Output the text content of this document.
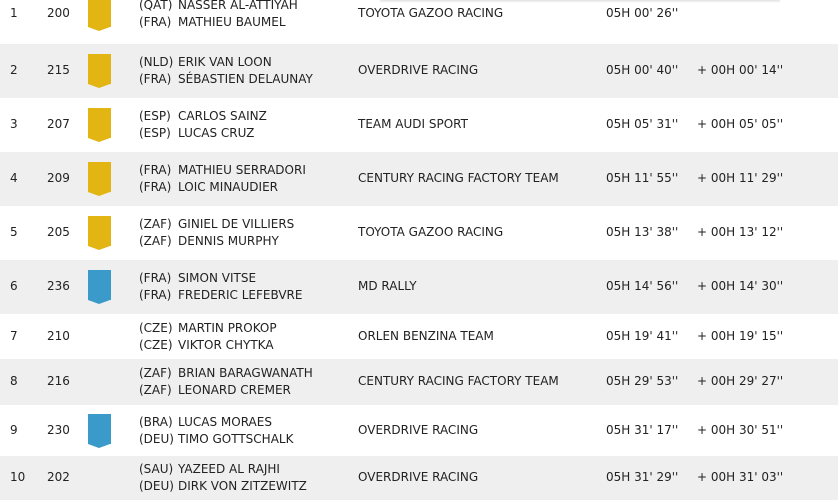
1 200
(QAT) NASSER AL-ATTIYAH
(FRA) MATHIEU BAUMEL
TOYOTA GAZOO RACING	05H 00' 26''
2 215
(NLD) ERIK VAN LOON
(FRA) SÉBASTIEN DELAUNAY
OVERDRIVE RACING	05H 00' 40'' + 00H 00' 14''
3 207
(ESP) CARLOS SAINZ
(ESP) LUCAS CRUZ
TEAM AUDI SPORT	05H 05' 31'' + 00H 05' 05''
4 209
(FRA) MATHIEU SERRADORI
(FRA) LOIC MINAUDIER
CENTURY RACING FACTORY TEAM	05H 11' 55'' + 00H 11' 29''
5 205
(ZAF) GINIEL DE VILLIERS
(ZAF) DENNIS MURPHY
TOYOTA GAZOO RACING	05H 13' 38'' + 00H 13' 12''
6 236
(FRA) SIMON VITSE
(FRA) FREDERIC LEFEBVRE
MD RALLY	05H 14' 56'' + 00H 14' 30''
7 210
(CZE) MARTIN PROKOP
(CZE) VIKTOR CHYTKA
ORLEN BENZINA TEAM	05H 19' 41'' + 00H 19' 15''
8 216
(ZAF) BRIAN BARAGWANATH
(ZAF) LEONARD CREMER
CENTURY RACING FACTORY TEAM	05H 29' 53'' + 00H 29' 27''
9 230
(BRA) LUCAS MORAES
(DEU) TIMO GOTTSCHALK
OVERDRIVE RACING	05H 31' 17'' + 00H 30' 51''
10 202
(SAU) YAZEED AL RAJHI
(DEU) DIRK VON ZITZEWITZ
OVERDRIVE RACING	05H 31' 29'' + 00H 31' 03''
